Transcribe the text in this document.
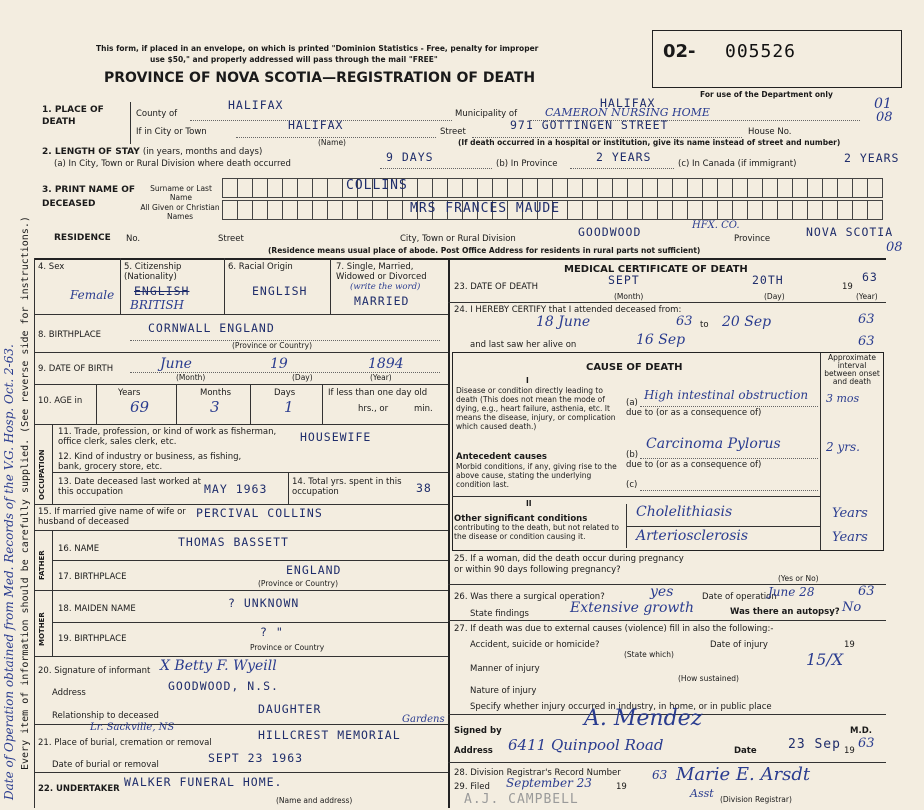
Date of Operation obtained from Med. Records of the V.G. Hosp. Oct. 2-63. Every item of information should be carefully supplied. (See reverse side for instructions.)
This form, if placed in an envelope, on which is printed "Dominion Statistics - Free, penalty for improper
use $50," and properly addressed will pass through the mail "FREE"
PROVINCE OF NOVA SCOTIA—REGISTRATION OF DEATH
02- 005526
For use of the Department only
01
08
1. PLACE OF DEATH
County of
HALIFAX
Municipality of
HALIFAX
CAMERON NURSING HOME
If in City or Town	HALIFAX
(Name)
Street	971 GOTTINGEN STREET	House No.
(If death occurred in a hospital or institution, give its name instead of street and number)
2. LENGTH OF STAY (in years, months and days)
(a) In City, Town or Rural Division where death occurred	9 DAYS	(b) In Province	2 YEARS	(c) In Canada (if immigrant)	2 YEARS
3. PRINT NAME OF DECEASED
Surname or Last Name
All Given or Christian Names
COLLINS
MRS FRANCES MAUDE
RESIDENCE No.	Street	City, Town or Rural Division	GOODWOOD	HFX. CO.
Province	NOVA SCOTIA
08
(Residence means usual place of abode. Post Office Address for residents in rural parts not sufficient)
4. Sex
Female
5. Citizenship (Nationality)
ENGLISH
BRITISH
6. Racial Origin
ENGLISH
7. Single, Married, Widowed or Divorced
(write the word)
MARRIED
8. BIRTHPLACE	CORNWALL ENGLAND
(Province or Country)
9. DATE OF BIRTH	June	19	1894
(Month)	(Day)	(Year)
10. AGE in
Years	Months	Days	If less than one day old
hrs., or	min.
69	3	1
OCCUPATION
11. Trade, profession, or kind of work as fisherman, office clerk, sales clerk, etc.	HOUSEWIFE
12. Kind of industry or business, as fishing, bank, grocery store, etc.
13. Date deceased last worked at this occupation	MAY 1963	14. Total yrs. spent in this occupation	38
15. If married give name of wife or husband of deceased
PERCIVAL COLLINS
FATHER
16. NAME	THOMAS BASSETT
17. BIRTHPLACE	ENGLAND
(Province or Country)
MOTHER
18. MAIDEN NAME	? UNKNOWN
19. BIRTHPLACE	? "
Province or Country
20. Signature of informant X Betty F. Wyeill
Address	GOODWOOD, N.S.
Relationship to deceased	DAUGHTER
Lr. Sackville, NS
Gardens
21. Place of burial, cremation or removal
HILLCREST MEMORIAL
Date of burial or removal	SEPT 23 1963
22. UNDERTAKER WALKER FUNERAL HOME.
(Name and address)
MEDICAL CERTIFICATE OF DEATH
23. DATE OF DEATH	SEPT	20TH	19
63
(Month)	(Day)	(Year)
24. I HEREBY CERTIFY that I attended deceased from:
18 June	63 to 20 Sep	63
and last saw her alive on	16 Sep	63
CAUSE OF DEATH
Approximate interval between onset and death
I
Disease or condition directly leading to death (This does not mean the mode of dying, e.g., heart failure, asthenia, etc. It means the disease, injury, or complication which caused death.)
(a)
High intestinal obstruction 3 mos
due to (or as a consequence of)
Antecedent causes
Morbid conditions, if any, giving rise to the above cause, stating the underlying condition last.
(b)
Carcinoma Pylorus	2 yrs.
due to (or as a consequence of)
(c)
II
Other significant conditions
contributing to the death, but not related to the disease or condition causing it.
Cholelithiasis	Years
Arteriosclerosis	Years
25. If a woman, did the death occur during pregnancy or within 90 days following pregnancy?
(Yes or No)
26. Was there a surgical operation?	yes	Date of operation
June 28	63
State findings	Extensive growth	Was there an autopsy? No
27. If death was due to external causes (violence) fill in also the following:-
Accident, suicide or homicide?
(State which)
Date of injury	19
Manner of injury	15/X
(How sustained)
Nature of injury
Specify whether injury occurred in industry, in home, or in public place
Signed by	A. Mendez	M.D.
Address 6411 Quinpool Road	Date 23 Sep 19 63
28. Division Registrar's Record Number
29. Filed September 23	19
63 Marie E. Arsdt
Asst (Division Registrar)
A.J. CAMPBELL
